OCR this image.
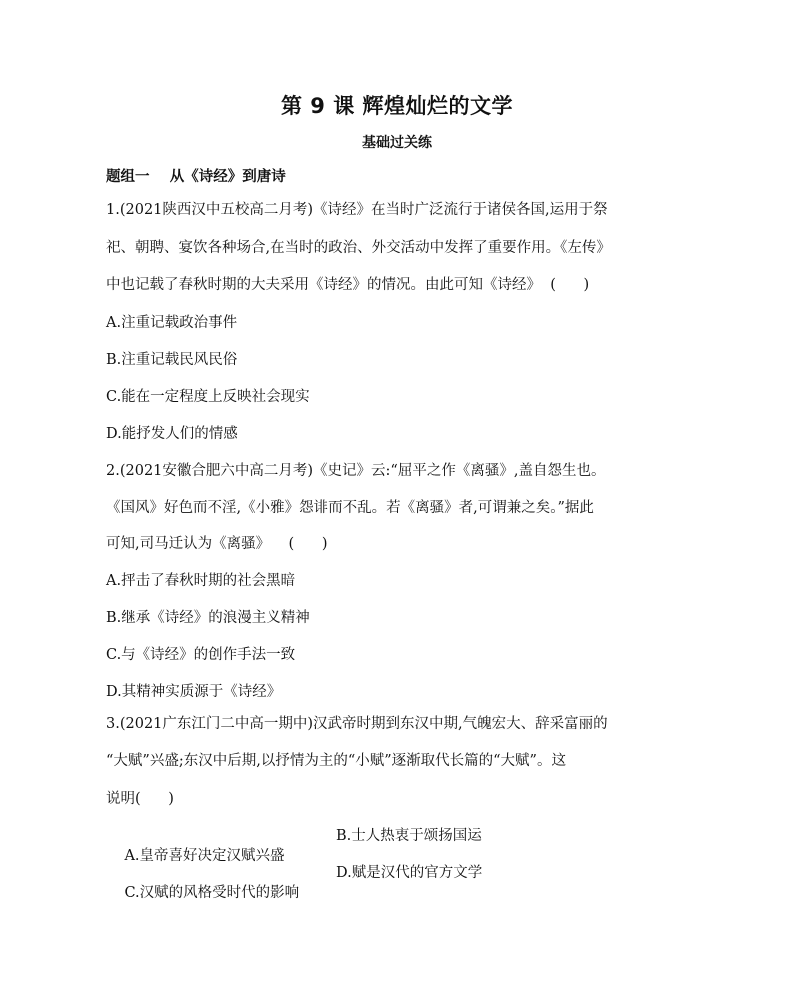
第 9 课 辉煌灿烂的文学
基础过关练
题组一    从《诗经》到唐诗
1.(2021陕西汉中五校高二月考)《诗经》在当时广泛流行于诸侯各国,运用于祭
祀、朝聘、宴饮各种场合,在当时的政治、外交活动中发挥了重要作用。《左传》
中也记载了春秋时期的大夫采用《诗经》的情况。由此可知《诗经》  (      )
A.注重记载政治事件
B.注重记载民风民俗
C.能在一定程度上反映社会现实
D.能抒发人们的情感
2.(2021安徽合肥六中高二月考)《史记》云:“屈平之作《离骚》,盖自怨生也。
《国风》好色而不淫,《小雅》怨诽而不乱。若《离骚》者,可谓兼之矣。”据此
可知,司马迁认为《离骚》    (      )
A.抨击了春秋时期的社会黑暗
B.继承《诗经》的浪漫主义精神
C.与《诗经》的创作手法一致
D.其精神实质源于《诗经》
3.(2021广东江门二中高一期中)汉武帝时期到东汉中期,气魄宏大、辞采富丽的
“大赋”兴盛;东汉中后期,以抒情为主的“小赋”逐渐取代长篇的“大赋”。这
说明(      )

A.皇帝喜好决定汉赋兴盛

B.士人热衷于颂扬国运

C.汉赋的风格受时代的影响

D.赋是汉代的官方文学
